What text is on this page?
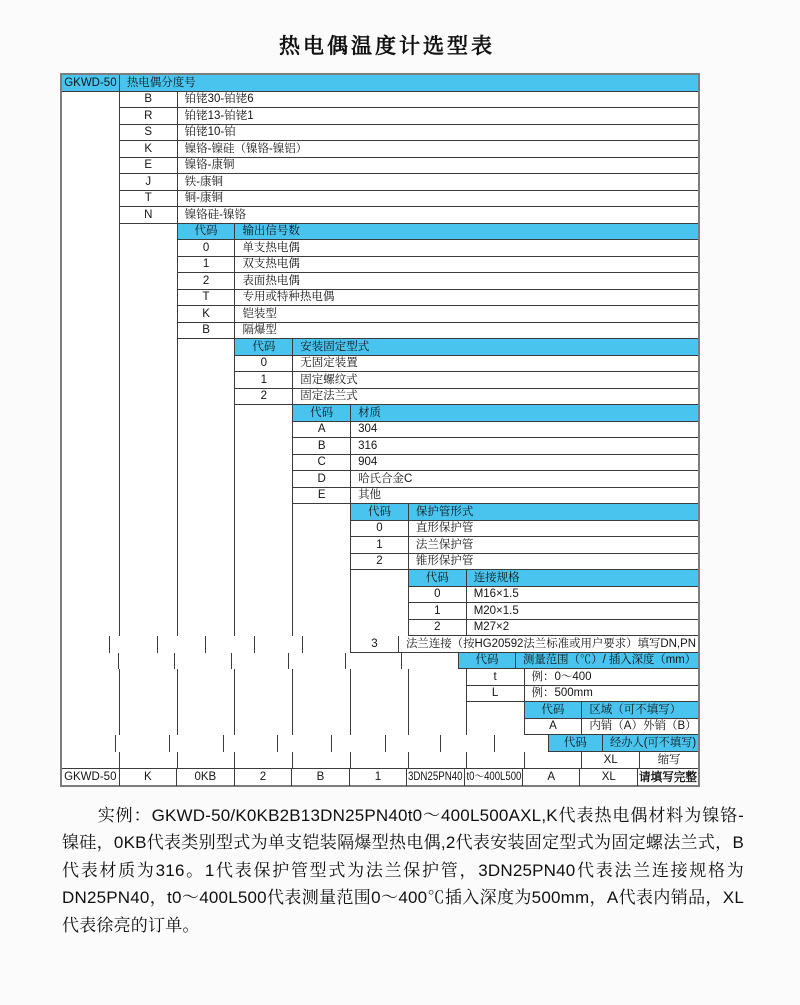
热电偶温度计选型表
GKWD-50 热电偶分度号
B	铂铑30-铂铑6
R	铂铑13-铂铑1
S	铂铑10-铂
K	镍铬-镍硅（镍铬-镍铝）
E	镍铬-康铜
J	铁-康铜
T	铜-康铜
N	镍铬硅-镍铬
代码 输出信号数
0	单支热电偶
1	双支热电偶
2	表面热电偶
T	专用或特种热电偶
K	铠装型
B	隔爆型
代码 安装固定型式
0	无固定装置
1	固定螺纹式
2	固定法兰式
代码 材质
A	304
B	316
C	904
D	哈氏合金C
E	其他
代码 保护管形式
0	直形保护管
1	法兰保护管
2	锥形保护管
代码 连接规格
0	M16×1.5
1	M20×1.5
2	M27×2
3 法兰连接（按HG20592法兰标准或用户要求）填写DN,PN
代码 测量范围（℃）/ 插入深度（mm）
t	例：0～400
L	例：500mm
代码 区域（可不填写）
A	内销（A）外销（B）
代码 经办人(可不填写)
XL	缩写
GKWD-50 K	0KB	2	B	1 3DN25PN40 t0～400L500 A	XL 请填写完整

实例：GKWD-50/K0KB2B13DN25PN40t0～400L500AXL,K代表热电偶材料为镍铬-镍硅，0KB代表类别型式为单支铠装隔爆型热电偶,2代表安装固定型式为固定螺法兰式，B代表材质为316。1代表保护管型式为法兰保护管，3DN25PN40代表法兰连接规格为DN25PN40，t0～400L500代表测量范围0～400℃插入深度为500mm，A代表内销品，XL代表徐亮的订单。
